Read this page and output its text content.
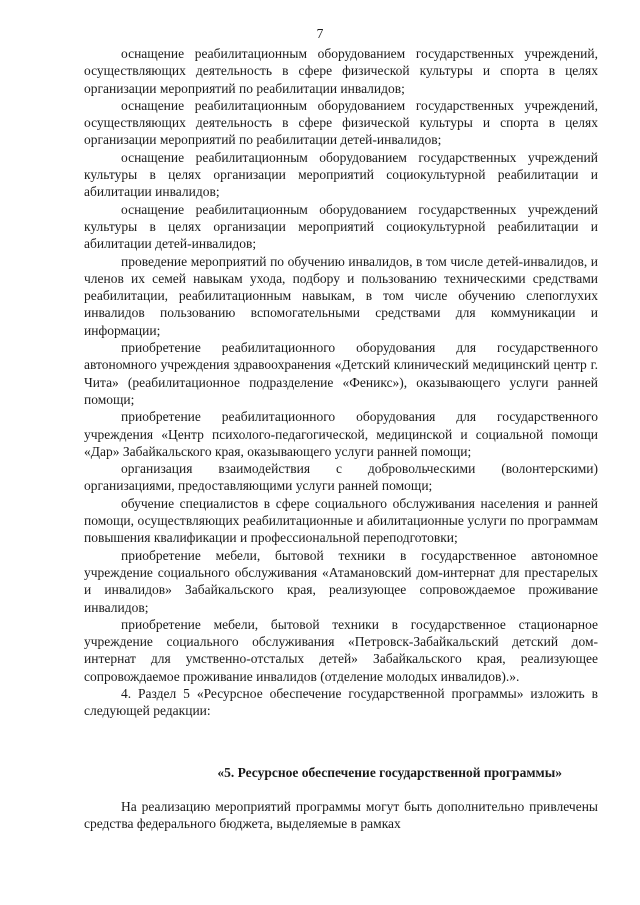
7

оснащение реабилитационным оборудованием государственных учреждений, осуществляющих деятельность в сфере физической культуры и спорта в целях организации мероприятий по реабилитации инвалидов;

оснащение реабилитационным оборудованием государственных учреждений, осуществляющих деятельность в сфере физической культуры и спорта в целях организации мероприятий по реабилитации детей-инвалидов;

оснащение реабилитационным оборудованием государственных учреждений культуры в целях организации мероприятий социокультурной реабилитации и абилитации инвалидов;

оснащение реабилитационным оборудованием государственных учреждений культуры в целях организации мероприятий социокультурной реабилитации и абилитации детей-инвалидов;

проведение мероприятий по обучению инвалидов, в том числе детей-инвалидов, и членов их семей навыкам ухода, подбору и пользованию техническими средствами реабилитации, реабилитационным навыкам, в том числе обучению слепоглухих инвалидов пользованию вспомогательными средствами для коммуникации и информации;

приобретение реабилитационного оборудования для государственного автономного учреждения здравоохранения «Детский клинический медицинский центр г. Чита» (реабилитационное подразделение «Феникс»), оказывающего услуги ранней помощи;

приобретение реабилитационного оборудования для государственного учреждения «Центр психолого-педагогической, медицинской и социальной помощи «Дар» Забайкальского края, оказывающего услуги ранней помощи;

организация взаимодействия с добровольческими (волонтерскими) организациями, предоставляющими услуги ранней помощи;

обучение специалистов в сфере социального обслуживания населения и ранней помощи, осуществляющих реабилитационные и абилитационные услуги по программам повышения квалификации и профессиональной переподготовки;

приобретение мебели, бытовой техники в государственное автономное учреждение социального обслуживания «Атамановский дом-интернат для престарелых и инвалидов» Забайкальского края, реализующее сопровождаемое проживание инвалидов;

приобретение мебели, бытовой техники в государственное стационарное учреждение социального обслуживания «Петровск-Забайкальский детский дом-интернат для умственно-отсталых детей» Забайкальского края, реализующее сопровождаемое проживание инвалидов (отделение молодых инвалидов).».

4. Раздел 5 «Ресурсное обеспечение государственной программы» изложить в следующей редакции:

«5. Ресурсное обеспечение государственной программы»

На реализацию мероприятий программы могут быть дополнительно привлечены средства федерального бюджета, выделяемые в рамках
